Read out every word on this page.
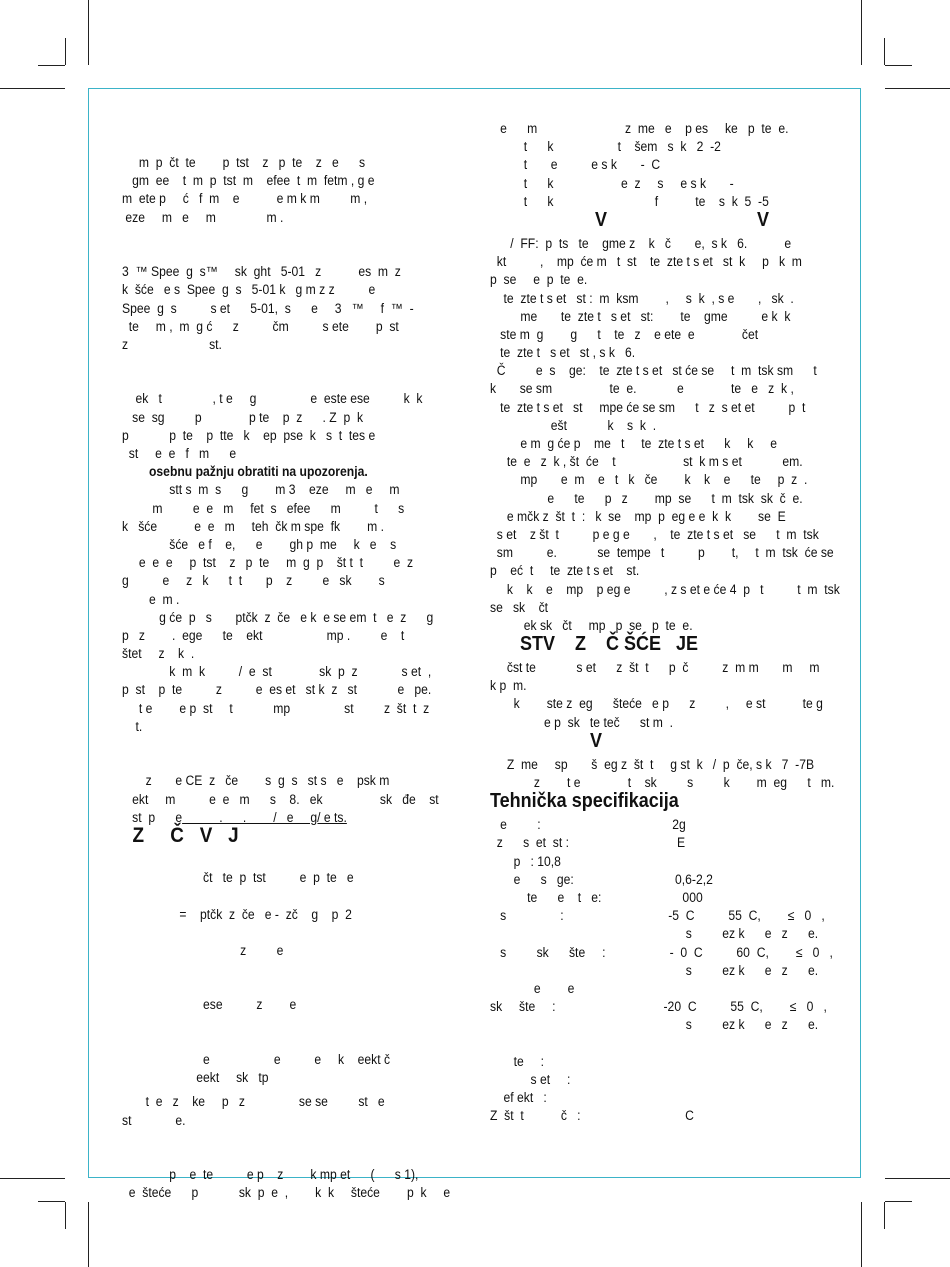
m  p  čt  te        p  tst    z   p  te    z   e      s
gm  ee    t  m  p  tst  m    efee  t  m  fetm , g e
m  ete p     ć   f  m    e           e m k m         m ,
eze     m   e     m               m .
3  ™ Spee  g  s™     sk  ght   5-01   z           es  m  z
k  šće   e s  Spee  g  s   5-01 k   g m z z          e
Spee  g  s          s et      5-01,  s      e     3   ™     f  ™  -
te     m ,  m  g ć      z          čm          s ete        p  st
z                        st.
ek   t               , t e     g                e  este ese          k  k
se  sg         p              p te    p  z      . Z  p  k
p            p  te    p  tte   k    ep  pse  k   s  t  tes e
st     e  e   f   m      e
osebnu pažnju obratiti na upozorenja.
stt s  m  s      g        m 3    eze     m   e     m
m         e  e   m     fet  s   efee      m          t      s
k   šće           e  e   m     teh  čk m spe  fk        m .
šće   e f    e,      e        gh p  me     k   e    s
e  e  e     p  tst    z   p  te     m  g  p    št t  t         e  z
g          e     z   k      t  t       p    z         e   sk        s
e  m .
g će  p   s       ptčk  z  če   e k  e se em  t   e  z      g
p   z        .  ege      te    ekt                   mp .         e    t
štet     z    k  .
k  m  k          /  e  st              sk  p  z             s et  ,
p  st    p  te          z          e  es et   st k  z   st            e   pe.
t e        e p  st     t            mp                st         z  št  t  z
t.
z       e CE  z   če        s  g  s   st s   e    psk m
ekt     m          e  e   m      s    8.   ek                 sk   đe    st
st  p      e           .      .        /   e     g/ e ts.
Z     Č   V   J
čt   te  p  tst          e  p  te   e
=    ptčk  z  če   e -  zč    g    p  2
z         e
ese          z        e
e                   e          e     k    eekt č
eekt     sk   tp
t  e   z    ke     p   z                se se         st   e
st             e.
p    e  te          e p    z        k mp et      (      s 1),
e  šteće      p            sk  p  e  ,        k  k     šteće        p  k     e
e      m                          z  me   e    p es     ke   p  te  e.
t      k                   t    šem   s  k   2  -2
t       e          e s k       -  C
t      k                    e  z     s     e s k       -
t      k                              f           te    s  k  5  -5
V                              V
/  FF:  p  ts   te    gme z    k   č       e,  s k   6.           e
kt          ,    mp  će m   t  st    te  zte t s et   st  k     p   k  m
p  se     e  p  te  e.
te  zte t s et   st :  m  ksm        ,     s  k  , s e       ,   sk  .
me       te  zte t   s et   st:        te    gme          e k  k
ste m  g        g      t    te   z    e ete  e              čet
te  zte t   s et   st , s k   6.
Č         e  s    ge:    te  zte t s et   st će se     t  m  tsk sm      t
k       se sm                 te  e.            e              te   e   z  k ,
te  zte t s et   st     mpe će se sm      t   z  s et et          p  t
ešt            k    s  k  .
e m  g će p    me   t     te  zte t s et      k     k     e
te  e   z  k , št  će    t                    st  k m s et            em.
mp       e  m    e   t   k   če        k    k    e      te     p  z  .
e      te      p   z        mp  se      t  m  tsk  sk  č  e.
e mčk z  št  t  :   k  se    mp  p  eg e e  k  k        se  E
s et    z št  t          p e g e       ,    te  zte t s et   se      t  m  tsk
sm          e.            se  tempe   t          p        t,     t  m  tsk  će se
p    eć  t     te  zte t s et    st.
k    k    e    mp    p eg e          , z s et e će 4  p   t          t  m  tsk
se   sk    čt
ek sk   čt     mp   p  se   p  te  e.
STV    Z    Č ŠĆE   JE
čst te            s et      z  št  t      p  č          z  m m       m     m
k p  m.
k        ste z  eg      šteće   e p      z         ,     e st           te g
e p  sk   te teč      st m  .
V
Z  me     sp       š  eg z  št  t     g st  k   /  p  če, s k   7  -7B
z        t e              t    sk         s         k        m  eg      t   m.
Tehnička specifikacija
e         :                                       2g
z      s  et  st :                                E
p   : 10,8
e      s   ge:                              0,6-2,2
te      e    t   e:                        000
s                :                               -5  C          55  C,        ≤   0   ,
s         ez k      e   z      e.
s         sk      šte     :                   -  0  C          60  C,        ≤   0   ,
s         ez k      e   z      e.
e        e
sk     šte     :                                -20  C          55  C,        ≤   0   ,
s         ez k      e   z      e.
te     :
s et     :
ef ekt   :
Z  št  t           č   :                               C
